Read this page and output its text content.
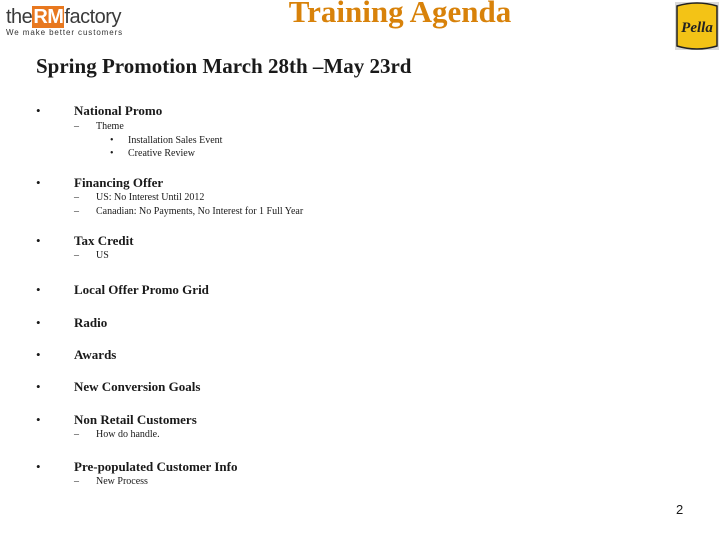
theRMfactory
We make better customers
Training Agenda	Pella
Spring Promotion March 28th –May 23rd
•	National Promo
– Theme
• Installation Sales Event
• Creative Review
•	Financing Offer
– US: No Interest Until 2012
– Canadian: No Payments, No Interest for 1 Full Year
•	Tax Credit
– US
•	Local Offer Promo Grid
•	Radio
•	Awards
•	New Conversion Goals
•	Non Retail Customers
– How do handle.
•	Pre-populated Customer Info
– New Process
2
